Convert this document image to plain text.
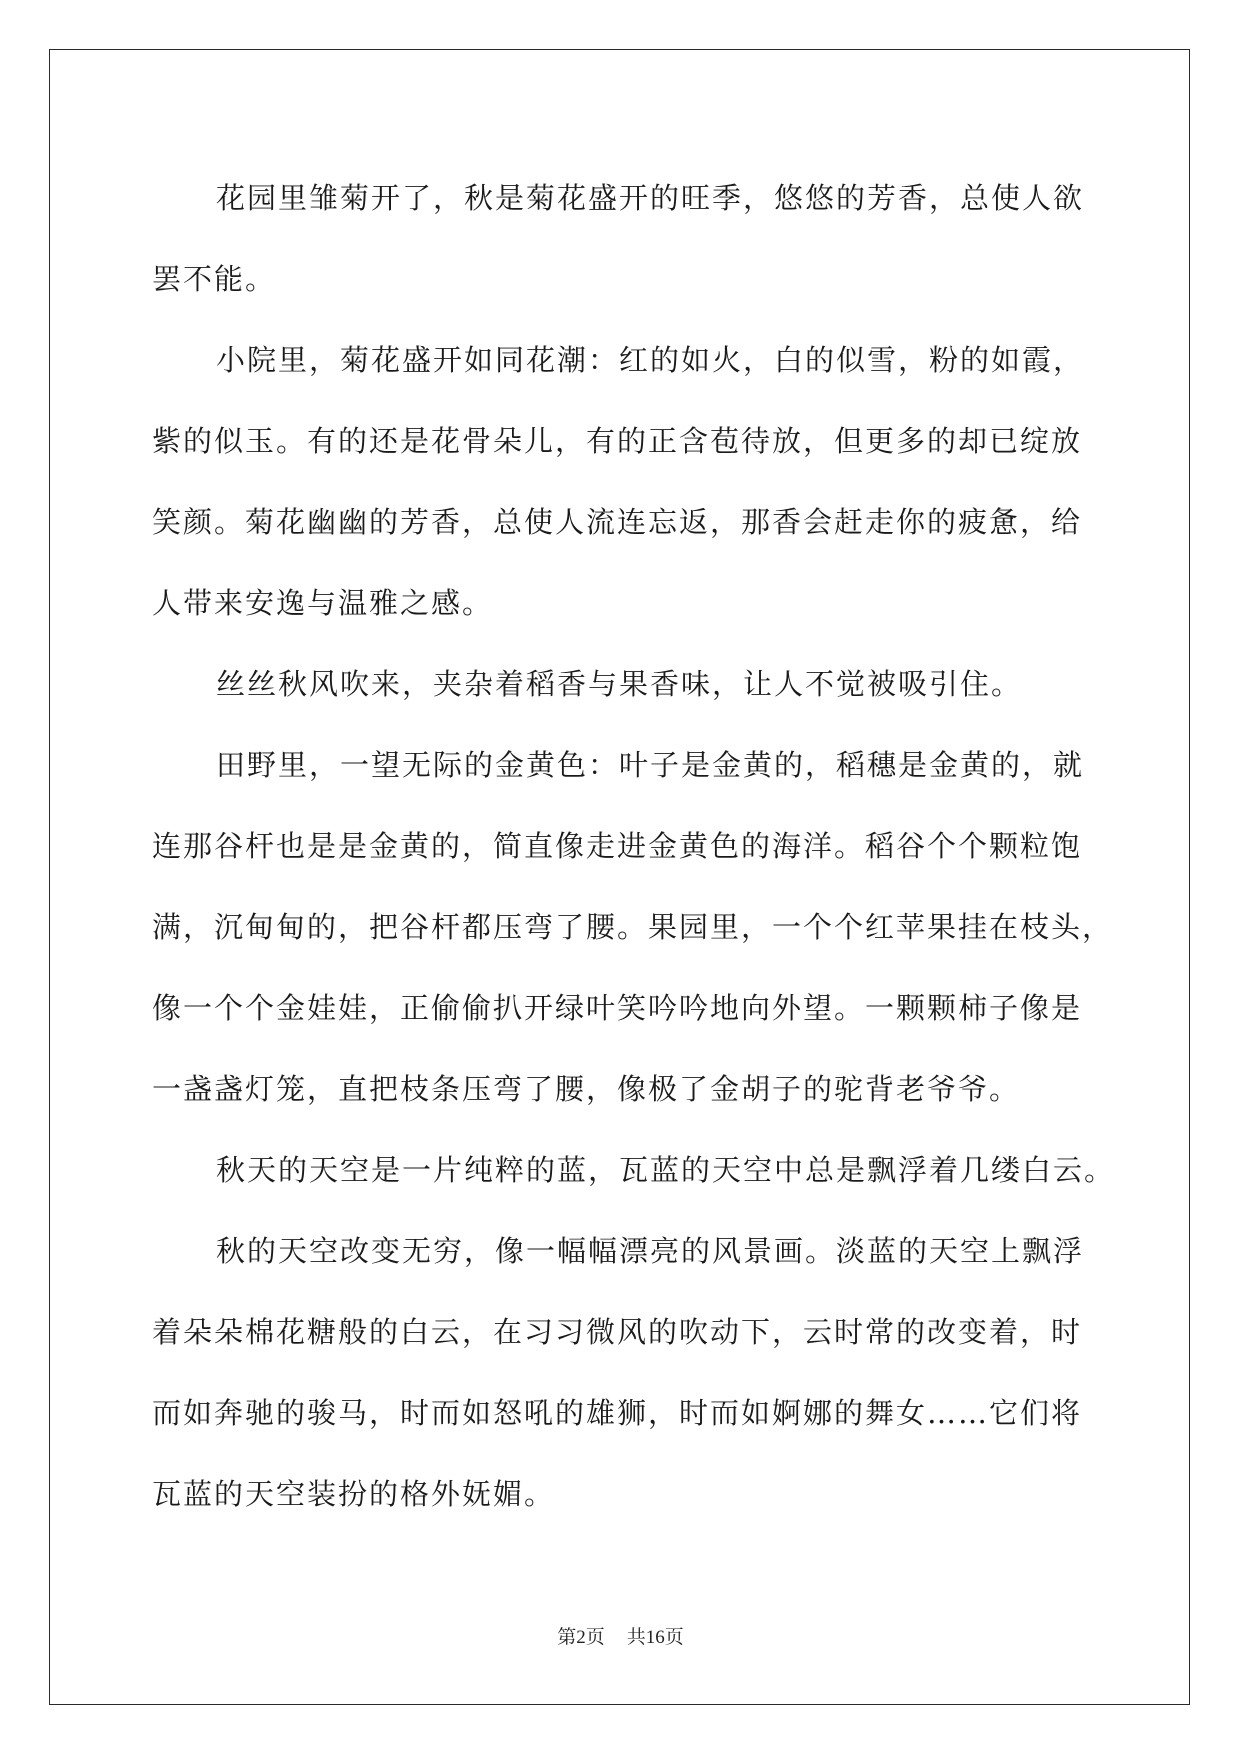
花园里雏菊开了，秋是菊花盛开的旺季，悠悠的芳香，总使人欲
罢不能。
小院里，菊花盛开如同花潮：红的如火，白的似雪，粉的如霞，
紫的似玉。有的还是花骨朵儿，有的正含苞待放，但更多的却已绽放
笑颜。菊花幽幽的芳香，总使人流连忘返，那香会赶走你的疲惫，给
人带来安逸与温雅之感。
丝丝秋风吹来，夹杂着稻香与果香味，让人不觉被吸引住。
田野里，一望无际的金黄色：叶子是金黄的，稻穗是金黄的，就
连那谷杆也是是金黄的，简直像走进金黄色的海洋。稻谷个个颗粒饱
满，沉甸甸的，把谷杆都压弯了腰。果园里，一个个红苹果挂在枝头，
像一个个金娃娃，正偷偷扒开绿叶笑吟吟地向外望。一颗颗柿子像是
一盏盏灯笼，直把枝条压弯了腰，像极了金胡子的驼背老爷爷。
秋天的天空是一片纯粹的蓝，瓦蓝的天空中总是飘浮着几缕白云。
秋的天空改变无穷，像一幅幅漂亮的风景画。淡蓝的天空上飘浮
着朵朵棉花糖般的白云，在习习微风的吹动下，云时常的改变着，时
而如奔驰的骏马，时而如怒吼的雄狮，时而如婀娜的舞女……它们将
瓦蓝的天空装扮的格外妩媚。
第2页 共16页
